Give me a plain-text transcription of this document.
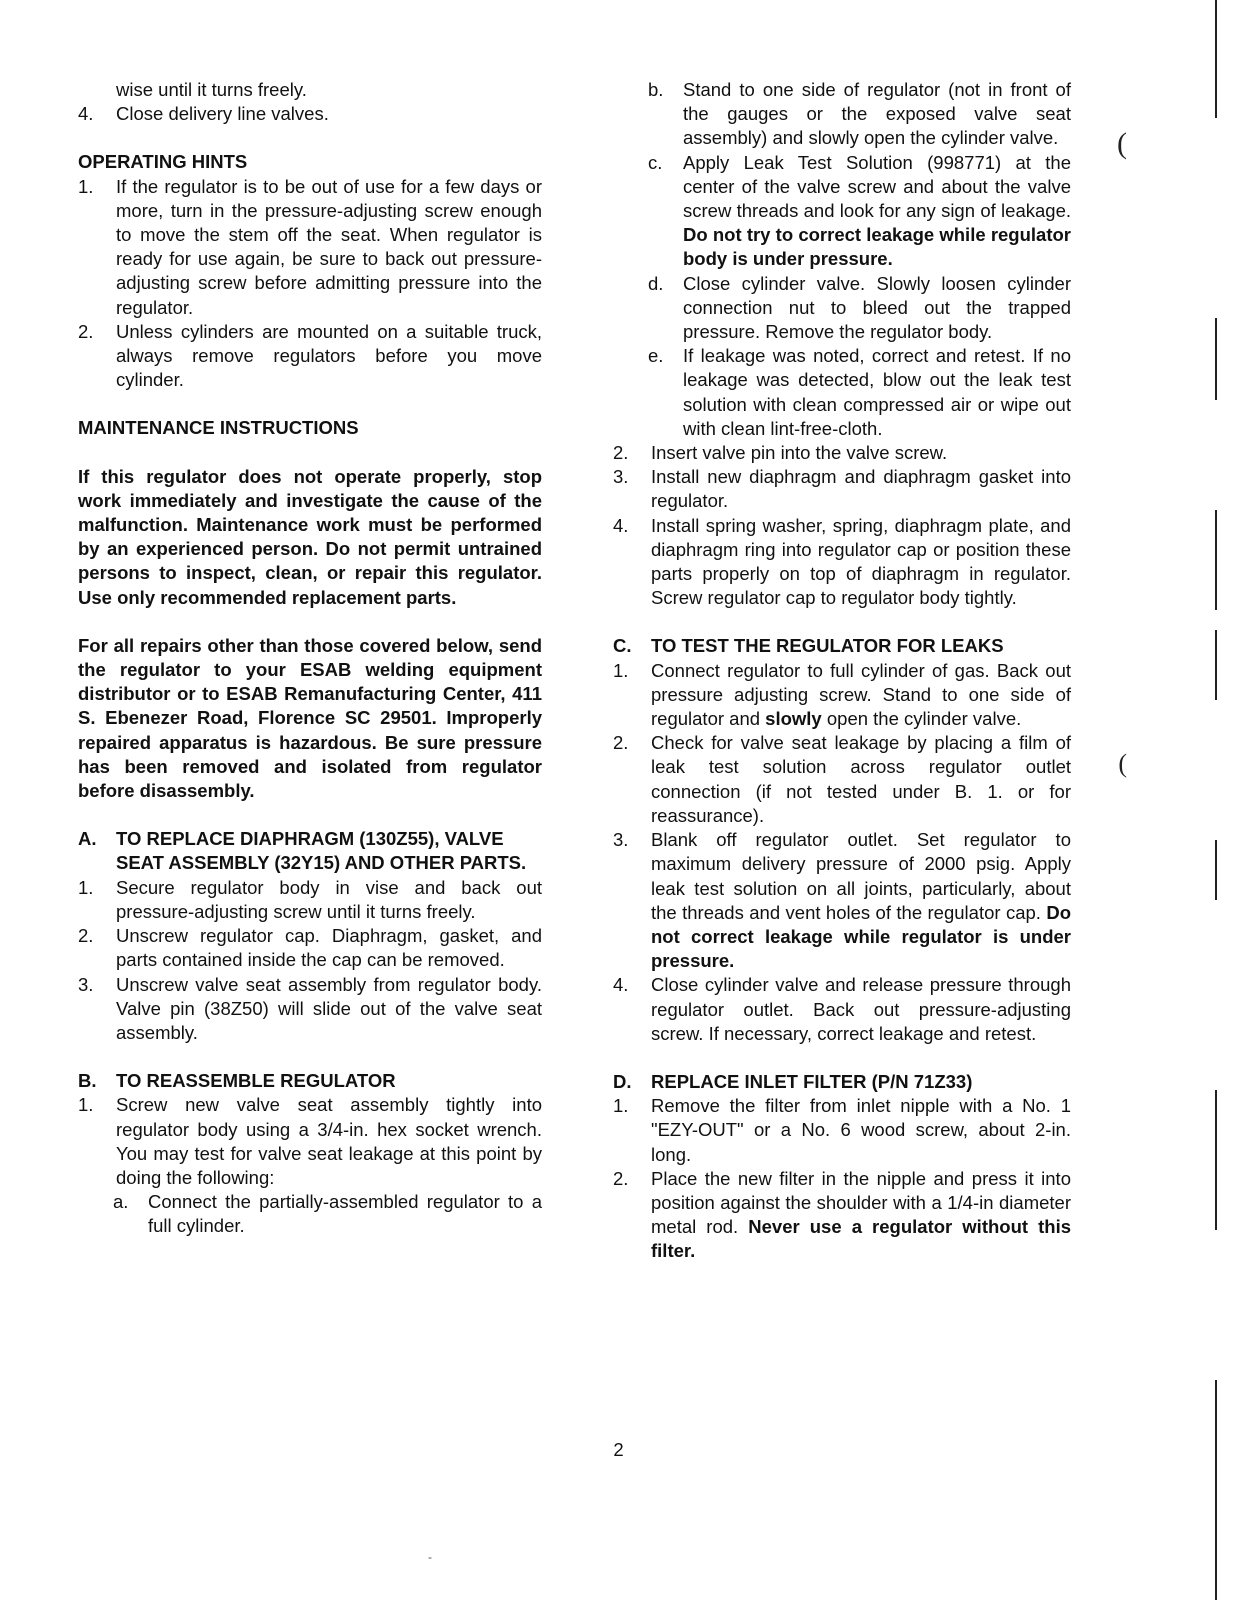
wise until it turns freely.

4. Close delivery line valves.

OPERATING HINTS

1. If the regulator is to be out of use for a few days or more, turn in the pressure-adjusting screw enough to move the stem off the seat. When regulator is ready for use again, be sure to back out pressure-adjusting screw before admitting pressure into the regulator.
2. Unless cylinders are mounted on a suitable truck, always remove regulators before you move cylinder.

MAINTENANCE INSTRUCTIONS

If this regulator does not operate properly, stop work immediately and investigate the cause of the malfunction. Maintenance work must be performed by an experienced person. Do not permit untrained persons to inspect, clean, or repair this regulator. Use only recommended replacement parts.

For all repairs other than those covered below, send the regulator to your ESAB welding equipment distributor or to ESAB Remanufacturing Center, 411 S. Ebenezer Road, Florence SC 29501. Improperly repaired apparatus is hazardous. Be sure pressure has been removed and isolated from regulator before disassembly.

A. TO REPLACE DIAPHRAGM (130Z55), VALVE SEAT ASSEMBLY (32Y15) AND OTHER PARTS.
1. Secure regulator body in vise and back out pressure-adjusting screw until it turns freely.
2. Unscrew regulator cap. Diaphragm, gasket, and parts contained inside the cap can be removed.
3. Unscrew valve seat assembly from regulator body. Valve pin (38Z50) will slide out of the valve seat assembly.
B. TO REASSEMBLE REGULATOR
1. Screw new valve seat assembly tightly into regulator body using a 3/4-in. hex socket wrench. You may test for valve seat leakage at this point by doing the following:
a. Connect the partially-assembled regulator to a full cylinder.
b. Stand to one side of regulator (not in front of the gauges or the exposed valve seat assembly) and slowly open the cylinder valve.
c. Apply Leak Test Solution (998771) at the center of the valve screw and about the valve screw threads and look for any sign of leakage. Do not try to correct leakage while regulator body is under pressure.
d. Close cylinder valve. Slowly loosen cylinder connection nut to bleed out the trapped pressure. Remove the regulator body.
e. If leakage was noted, correct and retest. If no leakage was detected, blow out the leak test solution with clean compressed air or wipe out with clean lint-free-cloth.
2. Insert valve pin into the valve screw.
3. Install new diaphragm and diaphragm gasket into regulator.
4. Install spring washer, spring, diaphragm plate, and diaphragm ring into regulator cap or position these parts properly on top of diaphragm in regulator. Screw regulator cap to regulator body tightly.
C. TO TEST THE REGULATOR FOR LEAKS
1. Connect regulator to full cylinder of gas. Back out pressure adjusting screw. Stand to one side of regulator and slowly open the cylinder valve.
2. Check for valve seat leakage by placing a film of leak test solution across regulator outlet connection (if not tested under B. 1. or for reassurance).
3. Blank off regulator outlet. Set regulator to maximum delivery pressure of 2000 psig. Apply leak test solution on all joints, particularly, about the threads and vent holes of the regulator cap. Do not correct leakage while regulator is under pressure.
4. Close cylinder valve and release pressure through regulator outlet. Back out pressure-adjusting screw. If necessary, correct leakage and retest.
D. REPLACE INLET FILTER (P/N 71Z33)
1. Remove the filter from inlet nipple with a No. 1 "EZY-OUT" or a No. 6 wood screw, about 2-in. long.
2. Place the new filter in the nipple and press it into position against the shoulder with a 1/4-in diameter metal rod. Never use a regulator without this filter.
2
(
(
-
